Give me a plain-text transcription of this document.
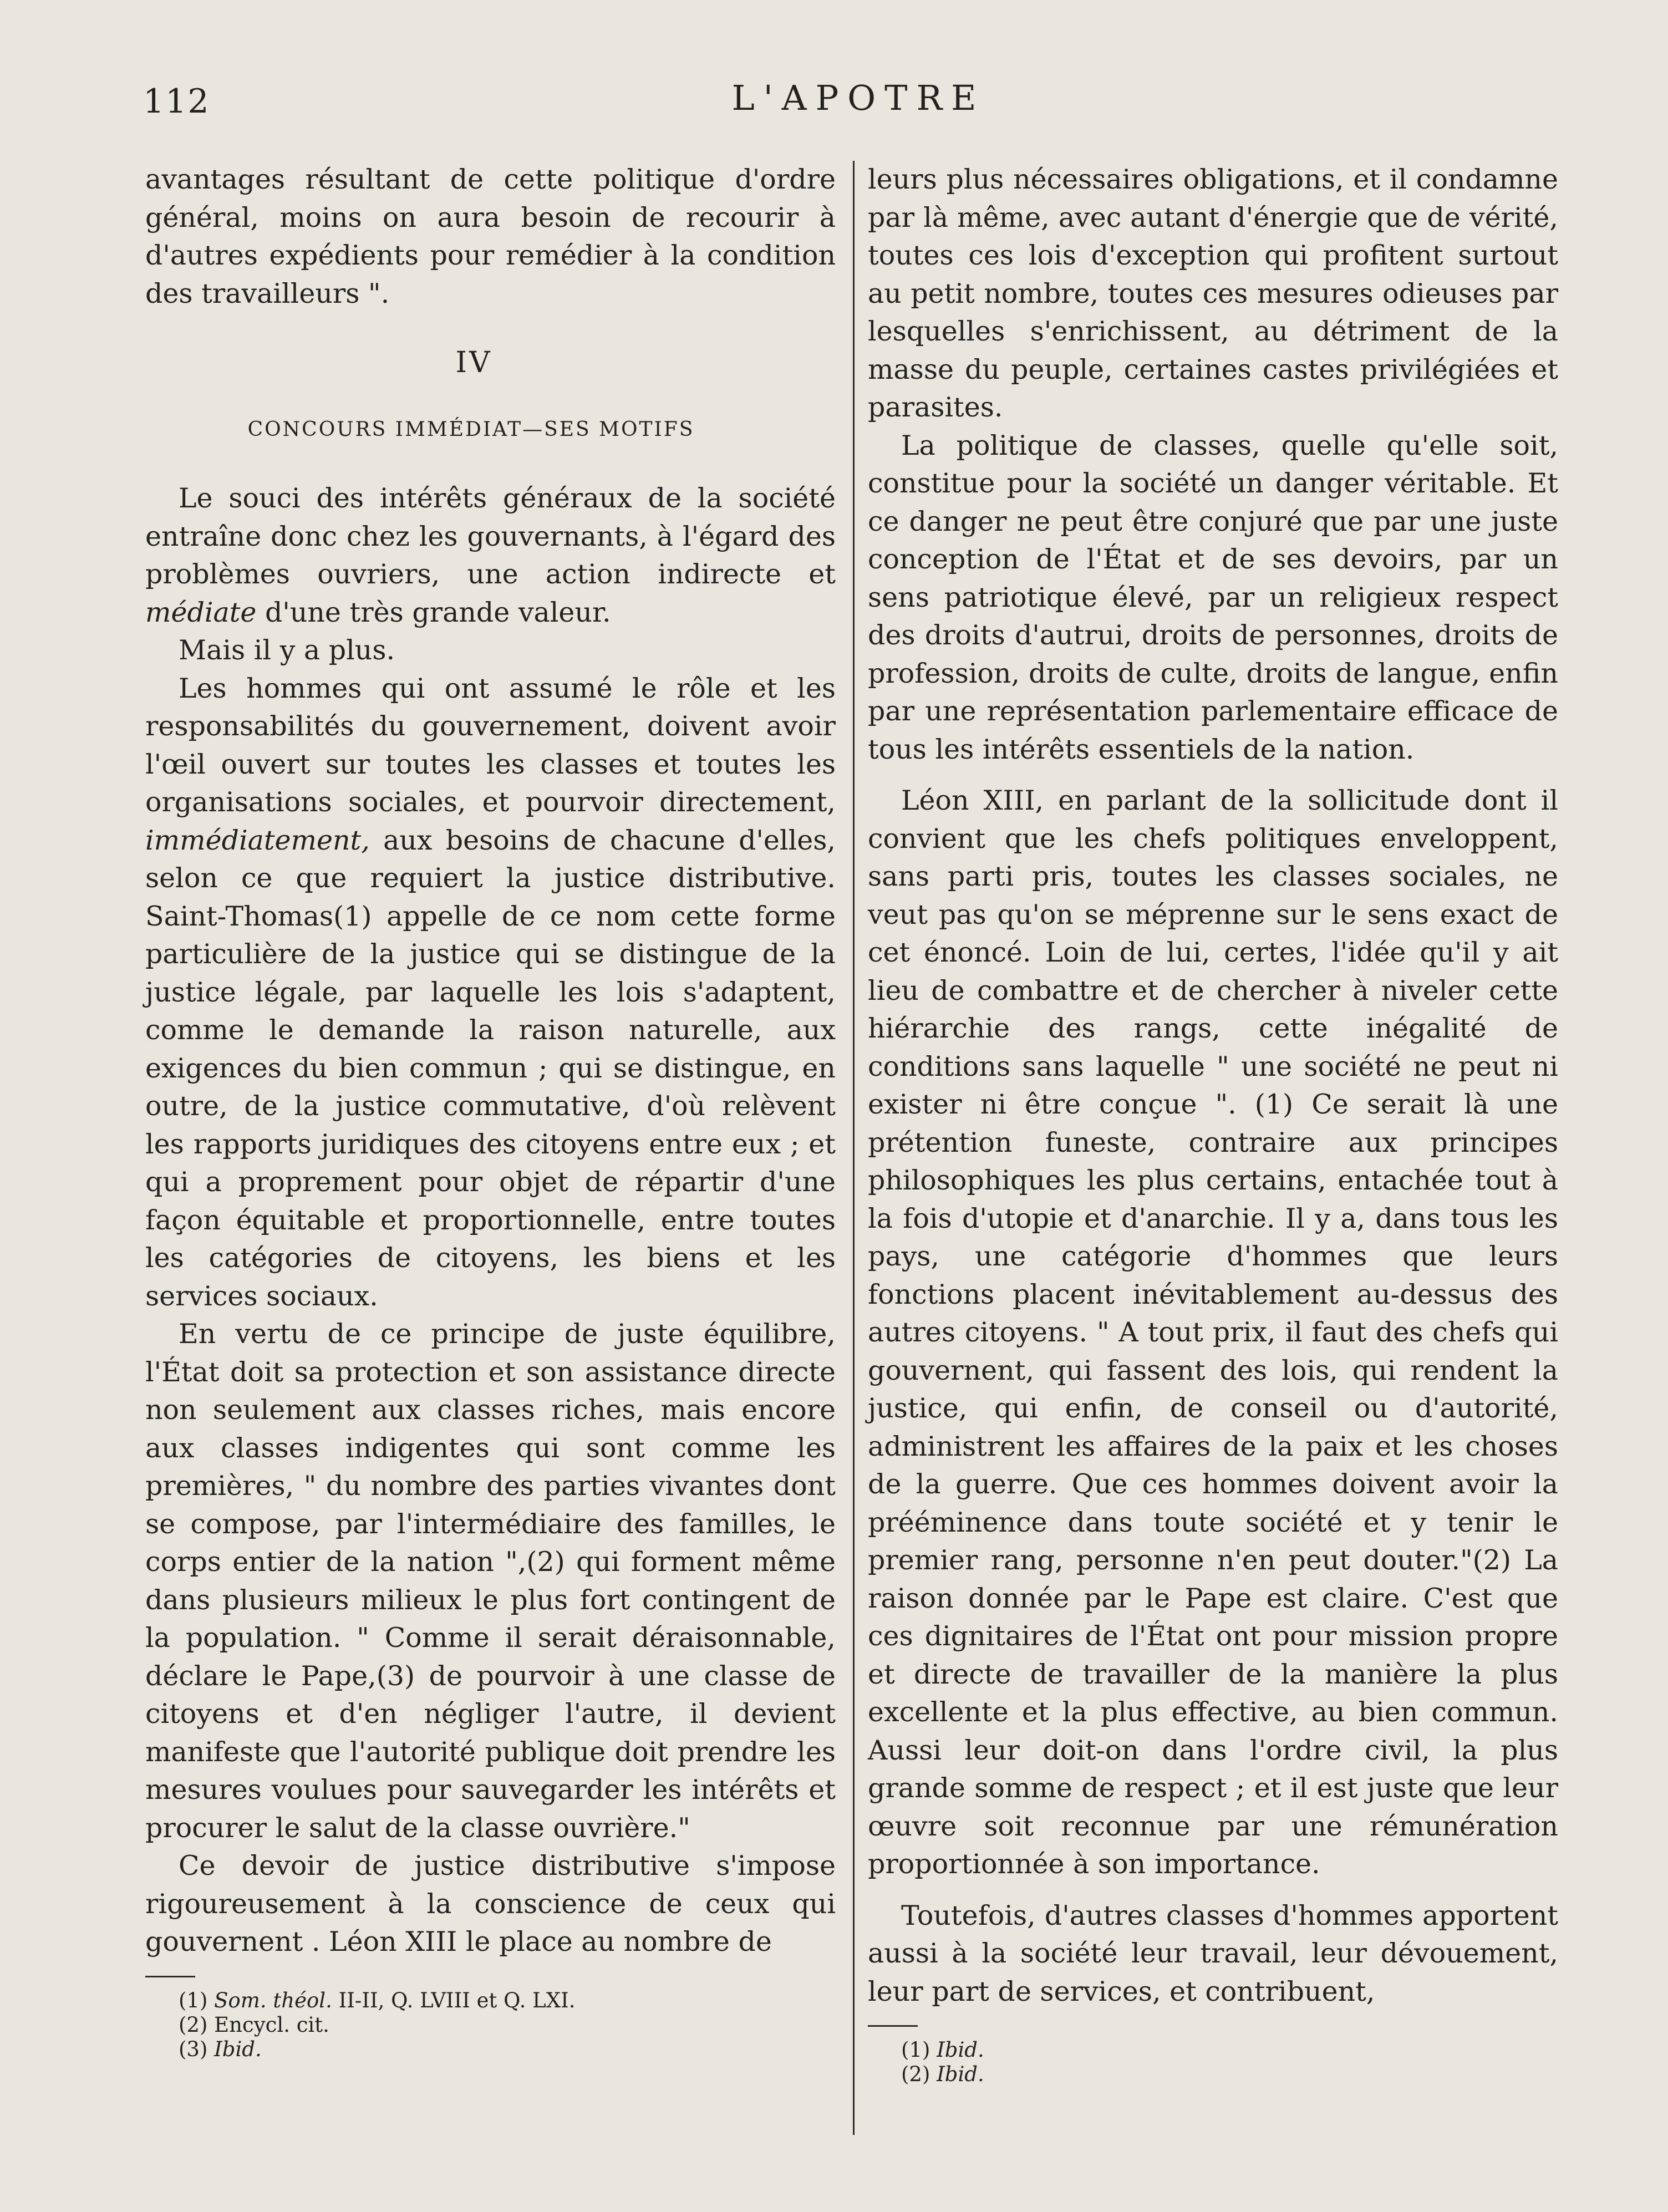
112	L'APOTRE

avantages résultant de cette politique d'ordre général, moins on aura besoin de recourir à d'autres expédients pour remédier à la condition des travailleurs ".

IV
CONCOURS IMMÉDIAT—SES MOTIFS

Le souci des intérêts généraux de la société entraîne donc chez les gouvernants, à l'égard des problèmes ouvriers, une action indirecte et médiate d'une très grande valeur.

Mais il y a plus.

Les hommes qui ont assumé le rôle et les responsabilités du gouvernement, doivent avoir l'œil ouvert sur toutes les classes et toutes les organisations sociales, et pourvoir directement, immédiatement, aux besoins de chacune d'elles, selon ce que requiert la justice distributive. Saint-Thomas(1) appelle de ce nom cette forme particulière de la justice qui se distingue de la justice légale, par laquelle les lois s'adaptent, comme le demande la raison naturelle, aux exigences du bien commun ; qui se distingue, en outre, de la justice commutative, d'où relèvent les rapports juridiques des citoyens entre eux ; et qui a proprement pour objet de répartir d'une façon équitable et proportionnelle, entre toutes les catégories de citoyens, les biens et les services sociaux.

En vertu de ce principe de juste équilibre, l'État doit sa protection et son assistance directe non seulement aux classes riches, mais encore aux classes indigentes qui sont comme les premières, " du nombre des parties vivantes dont se compose, par l'intermédiaire des familles, le corps entier de la nation ",(2) qui forment même dans plusieurs milieux le plus fort contingent de la population. " Comme il serait déraisonnable, déclare le Pape,(3) de pourvoir à une classe de citoyens et d'en négliger l'autre, il devient manifeste que l'autorité publique doit prendre les mesures voulues pour sauvegarder les intérêts et procurer le salut de la classe ouvrière."

Ce devoir de justice distributive s'impose rigoureusement à la conscience de ceux qui gouvernent . Léon XIII le place au nombre de

(1) Som. théol. II-II, Q. LVIII et Q. LXI.
(2) Encycl. cit.
(3) Ibid.

leurs plus nécessaires obligations, et il condamne par là même, avec autant d'énergie que de vérité, toutes ces lois d'exception qui profitent surtout au petit nombre, toutes ces mesures odieuses par lesquelles s'enrichissent, au détriment de la masse du peuple, certaines castes privilégiées et parasites.

La politique de classes, quelle qu'elle soit, constitue pour la société un danger véritable. Et ce danger ne peut être conjuré que par une juste conception de l'État et de ses devoirs, par un sens patriotique élevé, par un religieux respect des droits d'autrui, droits de personnes, droits de profession, droits de culte, droits de langue, enfin par une représentation parlementaire efficace de tous les intérêts essentiels de la nation.

Léon XIII, en parlant de la sollicitude dont il convient que les chefs politiques enveloppent, sans parti pris, toutes les classes sociales, ne veut pas qu'on se méprenne sur le sens exact de cet énoncé. Loin de lui, certes, l'idée qu'il y ait lieu de combattre et de chercher à niveler cette hiérarchie des rangs, cette inégalité de conditions sans laquelle " une société ne peut ni exister ni être conçue ". (1) Ce serait là une prétention funeste, contraire aux principes philosophiques les plus certains, entachée tout à la fois d'utopie et d'anarchie. Il y a, dans tous les pays, une catégorie d'hommes que leurs fonctions placent inévitablement au-dessus des autres citoyens. " A tout prix, il faut des chefs qui gouvernent, qui fassent des lois, qui rendent la justice, qui enfin, de conseil ou d'autorité, administrent les affaires de la paix et les choses de la guerre. Que ces hommes doivent avoir la prééminence dans toute société et y tenir le premier rang, personne n'en peut douter."(2) La raison donnée par le Pape est claire. C'est que ces dignitaires de l'État ont pour mission propre et directe de travailler de la manière la plus excellente et la plus effective, au bien commun. Aussi leur doit-on dans l'ordre civil, la plus grande somme de respect ; et il est juste que leur œuvre soit reconnue par une rémunération proportionnée à son importance.

Toutefois, d'autres classes d'hommes apportent aussi à la société leur travail, leur dévouement, leur part de services, et contribuent,

(1) Ibid.
(2) Ibid.
